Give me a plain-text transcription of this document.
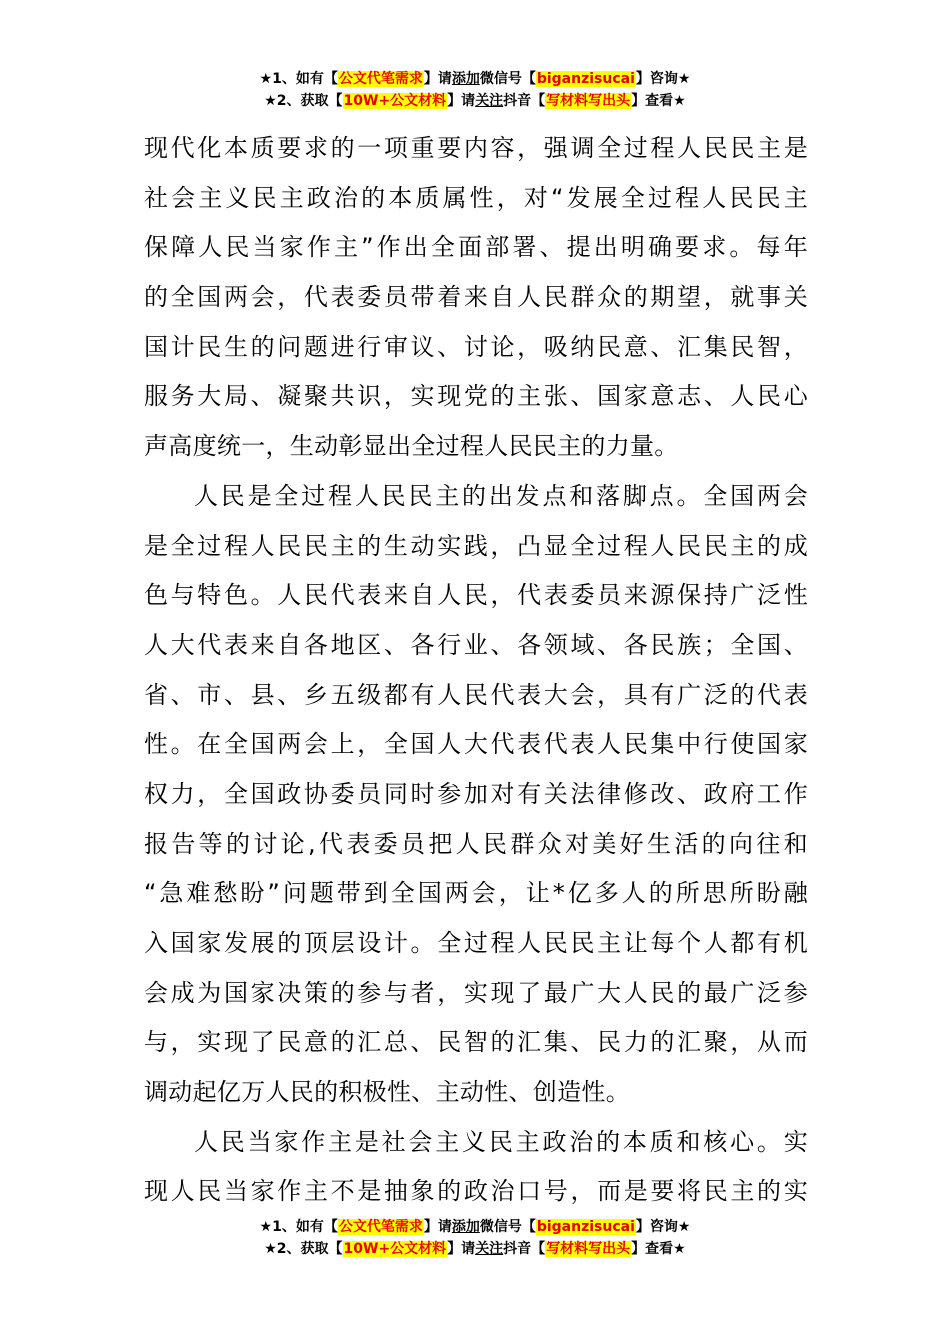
★1、如有【公文代笔需求】请添加微信号【biganzisucai】咨询★
★2、获取【10W+公文材料】请关注抖音【写材料写出头】查看★
现代化本质要求的一项重要内容，强调全过程人民民主是
社会主义民主政治的本质属性，对“发展全过程人民民主
保障人民当家作主”作出全面部署、提出明确要求。每年
的全国两会，代表委员带着来自人民群众的期望，就事关
国计民生的问题进行审议、讨论，吸纳民意、汇集民智，
服务大局、凝聚共识，实现党的主张、国家意志、人民心
声高度统一，生动彰显出全过程人民民主的力量。
人民是全过程人民民主的出发点和落脚点。全国两会
是全过程人民民主的生动实践，凸显全过程人民民主的成
色与特色。人民代表来自人民，代表委员来源保持广泛性
人大代表来自各地区、各行业、各领域、各民族；全国、
省、市、县、乡五级都有人民代表大会，具有广泛的代表
性。在全国两会上，全国人大代表代表人民集中行使国家
权力，全国政协委员同时参加对有关法律修改、政府工作
报告等的讨论,代表委员把人民群众对美好生活的向往和
“急难愁盼”问题带到全国两会，让*亿多人的所思所盼融
入国家发展的顶层设计。全过程人民民主让每个人都有机
会成为国家决策的参与者，实现了最广大人民的最广泛参
与，实现了民意的汇总、民智的汇集、民力的汇聚，从而
调动起亿万人民的积极性、主动性、创造性。
人民当家作主是社会主义民主政治的本质和核心。实
现人民当家作主不是抽象的政治口号，而是要将民主的实
★1、如有【公文代笔需求】请添加微信号【biganzisucai】咨询★
★2、获取【10W+公文材料】请关注抖音【写材料写出头】查看★
